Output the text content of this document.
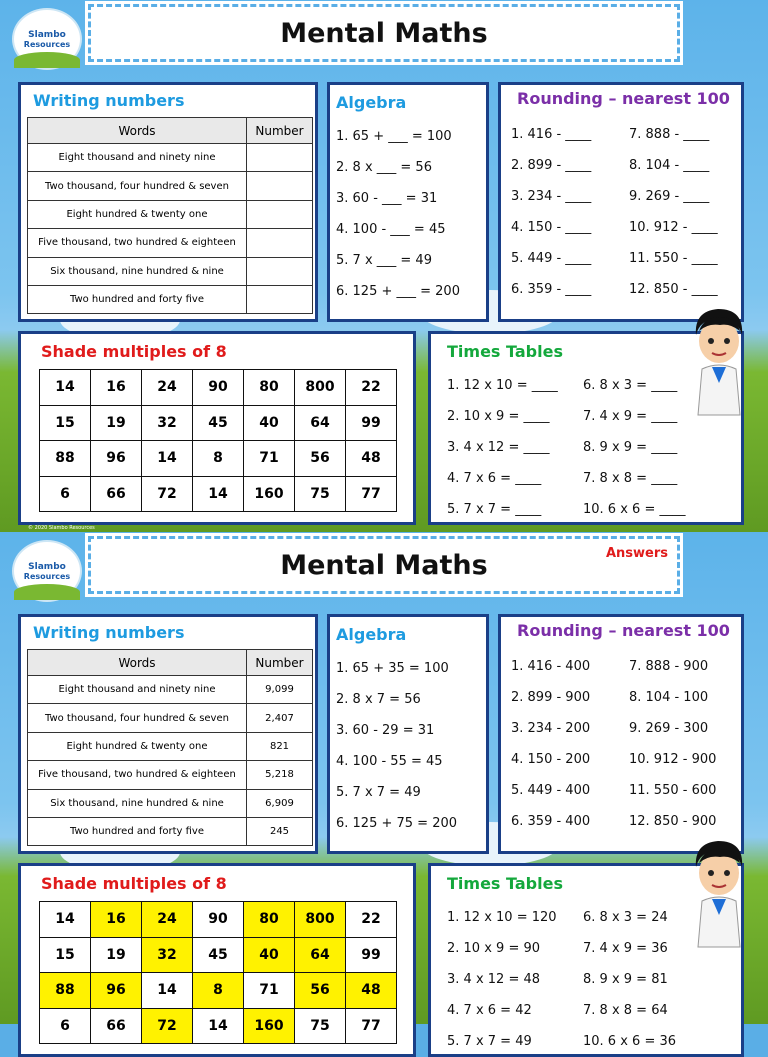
Slambo
Resources	Mental Maths
Writing numbers
Words	Number
Eight thousand and ninety nine	
Two thousand, four hundred & seven	
Eight hundred & twenty one	
Five thousand, two hundred & eighteen	
Six thousand, nine hundred & nine	
Two hundred and forty five	
Algebra
1. 65 + ___ = 100
2. 8 x ___ = 56
3. 60 - ___ = 31
4. 100 - ___ = 45
5. 7 x ___ = 49
6. 125 + ___ = 200
Rounding – nearest 100
1. 416 - ____
2. 899 - ____
3. 234 - ____
4. 150 - ____
5. 449 - ____
6. 359 - ____
7. 888 - ____
8. 104 - ____
9. 269 - ____
10. 912 - ____
11. 550 - ____
12. 850 - ____
Shade multiples of 8
14	16	24	90	80	800	22
15	19	32	45	40	64	99
88	96	14	8	71	56	48
6	66	72	14	160	75	77
Times Tables
1. 12 x 10 = ____
2. 10 x 9 = ____
3. 4 x 12 = ____
4. 7 x 6 = ____
5. 7 x 7 = ____
6. 8 x 3 = ____
7. 4 x 9 = ____
8. 9 x 9 = ____
7. 8 x 8 = ____
10. 6 x 6 = ____
© 2020 Slambo Resources
Slambo
Resources	Mental Maths	Answers
Writing numbers
Words	Number
Eight thousand and ninety nine	9,099
Two thousand, four hundred & seven	2,407
Eight hundred & twenty one	821
Five thousand, two hundred & eighteen	5,218
Six thousand, nine hundred & nine	6,909
Two hundred and forty five	245
Algebra
1. 65 + 35 = 100
2. 8 x 7 = 56
3. 60 - 29 = 31
4. 100 - 55 = 45
5. 7 x 7 = 49
6. 125 + 75 = 200
Rounding – nearest 100
1. 416 - 400
2. 899 - 900
3. 234 - 200
4. 150 - 200
5. 449 - 400
6. 359 - 400
7. 888 - 900
8. 104 - 100
9. 269 - 300
10. 912 - 900
11. 550 - 600
12. 850 - 900
Shade multiples of 8
14	16	24	90	80	800	22
15	19	32	45	40	64	99
88	96	14	8	71	56	48
6	66	72	14	160	75	77
Times Tables
1. 12 x 10 = 120
2. 10 x 9 = 90
3. 4 x 12 = 48
4. 7 x 6 = 42
5. 7 x 7 = 49
6. 8 x 3 = 24
7. 4 x 9 = 36
8. 9 x 9 = 81
7. 8 x 8 = 64
10. 6 x 6 = 36
